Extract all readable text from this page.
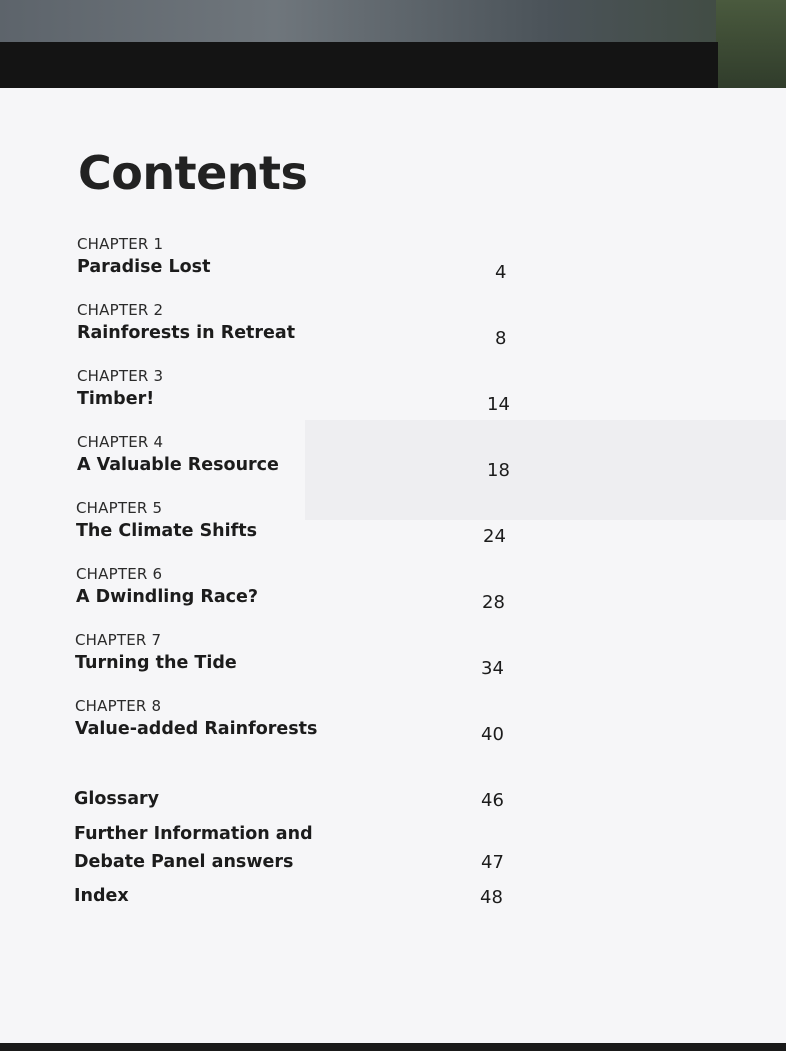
Contents
CHAPTER 1
Paradise Lost	4
CHAPTER 2
Rainforests in Retreat	8
CHAPTER 3
Timber!	14
CHAPTER 4
A Valuable Resource	18
CHAPTER 5
The Climate Shifts	24
CHAPTER 6
A Dwindling Race?	28
CHAPTER 7
Turning the Tide	34
CHAPTER 8
Value-added Rainforests	40
Glossary	46
Further Information and
Debate Panel answers	47
Index	48
